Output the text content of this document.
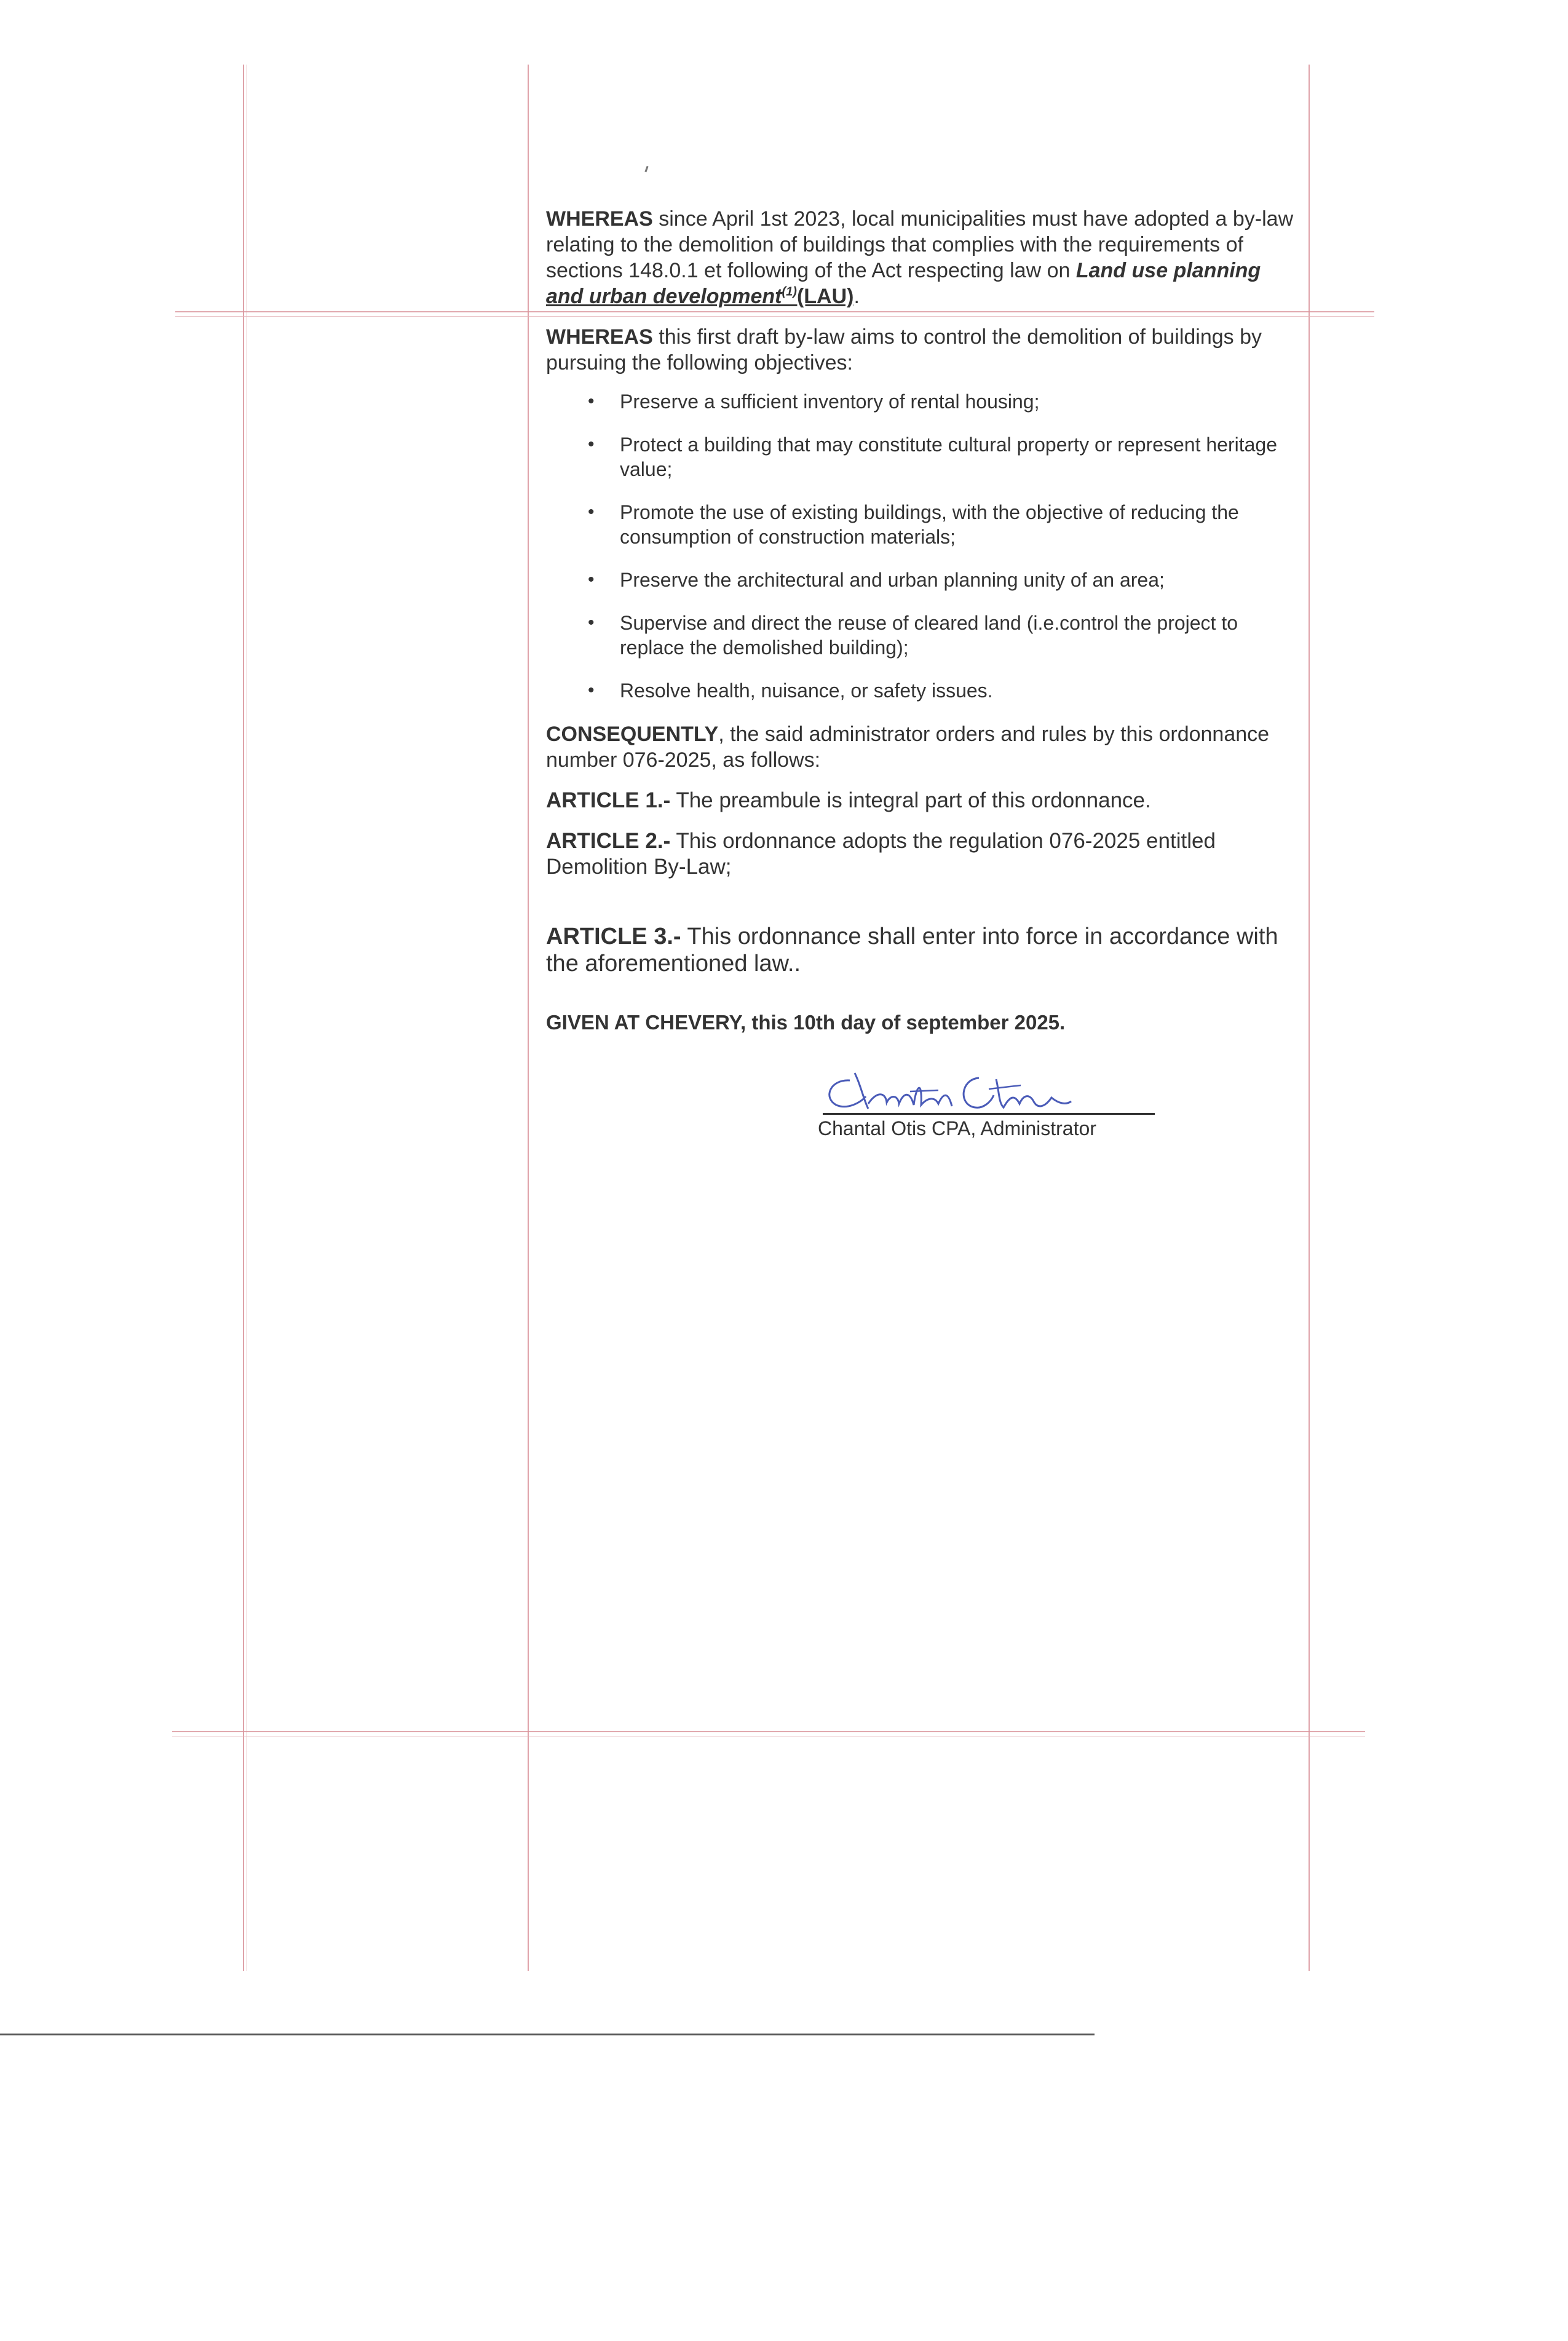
WHEREAS since April 1st 2023, local municipalities must have adopted a by-law relating to the demolition of buildings that complies with the requirements of sections 148.0.1 et following of the Act respecting law on Land use planning and urban development$^{(1)}$(LAU).

WHEREAS this first draft by-law aims to control the demolition of buildings by pursuing the following objectives:

• Preserve a sufficient inventory of rental housing;
• Protect a building that may constitute cultural property or represent heritage value;
• Promote the use of existing buildings, with the objective of reducing the consumption of construction materials;
• Preserve the architectural and urban planning unity of an area;
• Supervise and direct the reuse of cleared land (i.e.control the project to replace the demolished building);
• Resolve health, nuisance, or safety issues.

CONSEQUENTLY, the said administrator orders and rules by this ordonnance number 076-2025, as follows:

ARTICLE 1.- The preambule is integral part of this ordonnance.

ARTICLE 2.- This ordonnance adopts the regulation 076-2025 entitled Demolition By-Law;

ARTICLE 3.- This ordonnance shall enter into force in accordance with the aforementioned law..

GIVEN AT CHEVERY, this 10th day of september 2025.

Chantal Otis CPA, Administrator
